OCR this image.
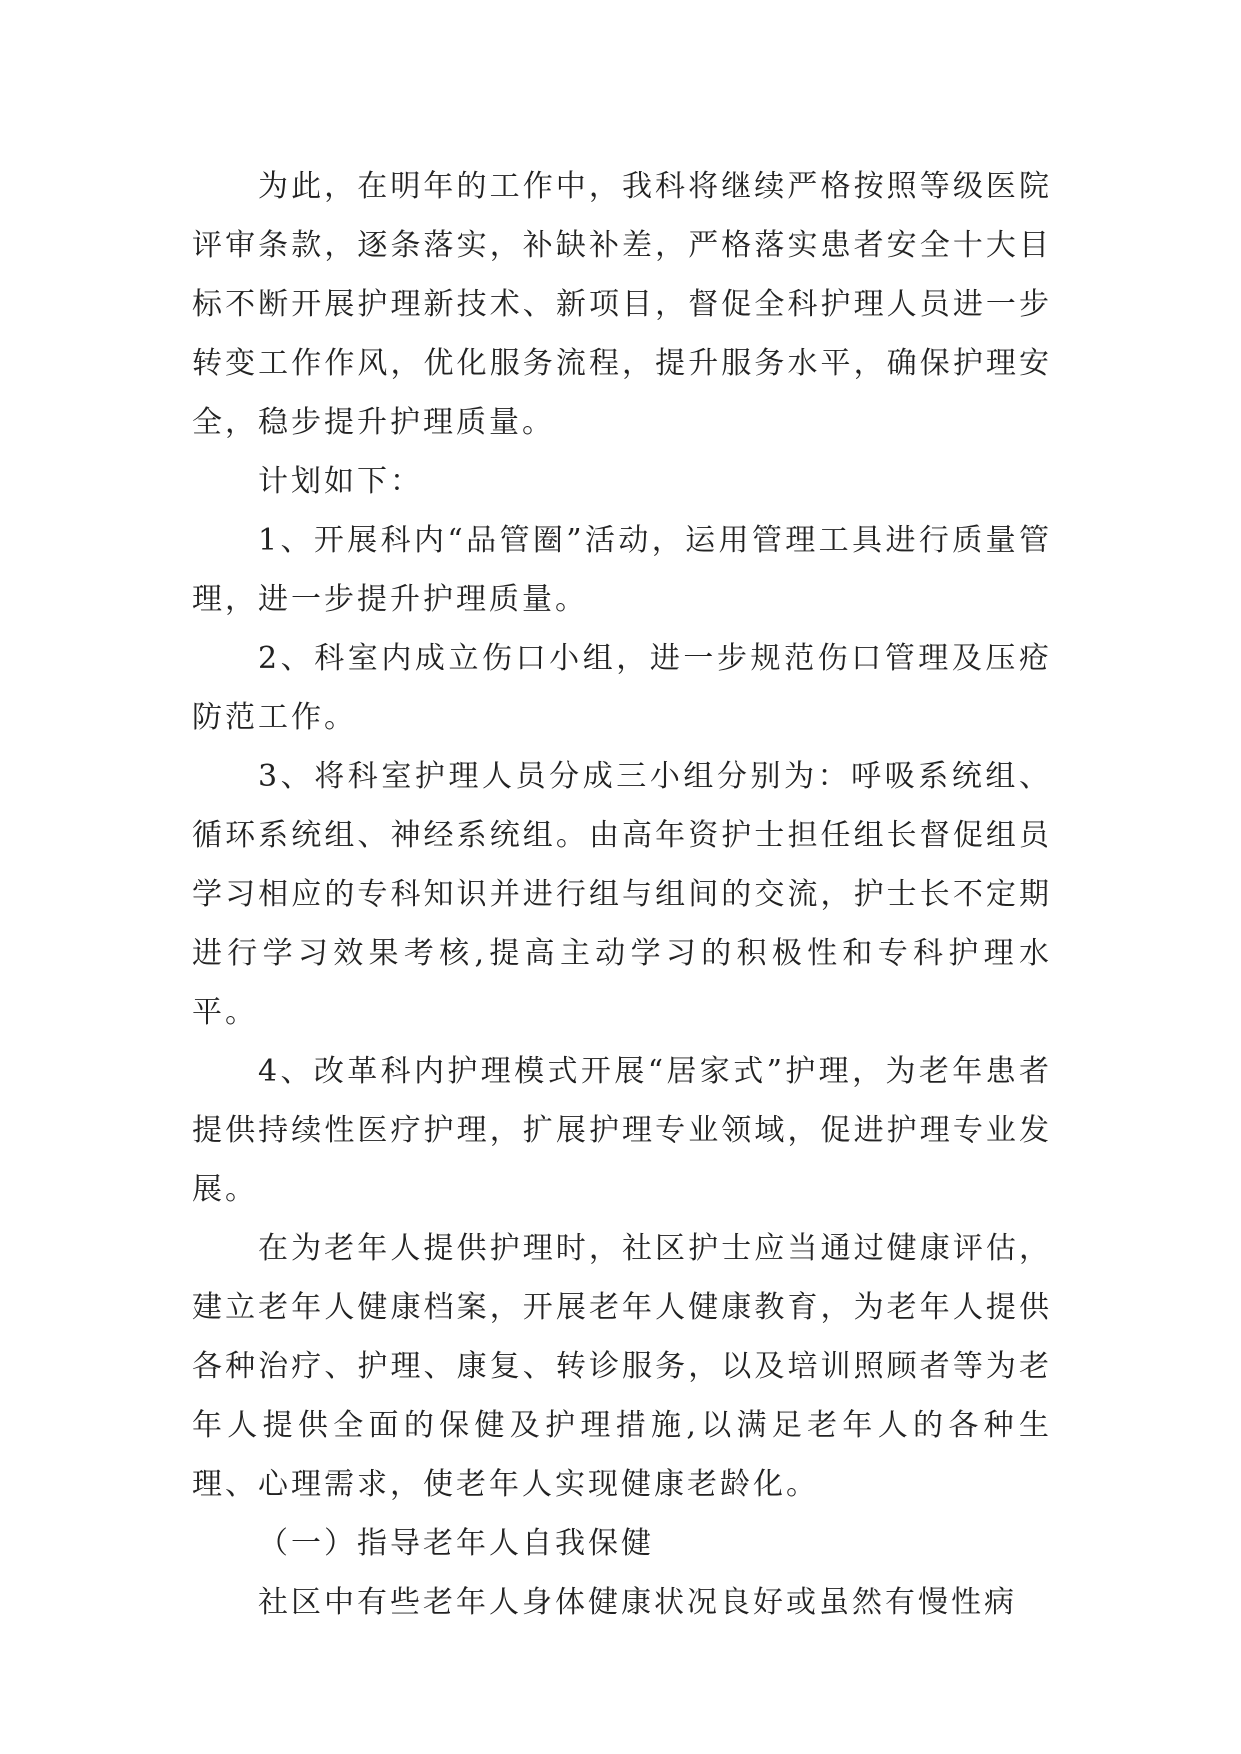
为此，在明年的工作中，我科将继续严格按照等级医院评审条款，逐条落实，补缺补差，严格落实患者安全十大目标不断开展护理新技术、新项目，督促全科护理人员进一步转变工作作风，优化服务流程，提升服务水平，确保护理安全，稳步提升护理质量。

计划如下：

1、开展科内“品管圈”活动，运用管理工具进行质量管理，进一步提升护理质量。

2、科室内成立伤口小组，进一步规范伤口管理及压疮防范工作。

3、将科室护理人员分成三小组分别为：呼吸系统组、循环系统组、神经系统组。由高年资护士担任组长督促组员学习相应的专科知识并进行组与组间的交流，护士长不定期进行学习效果考核,提高主动学习的积极性和专科护理水平。

4、改革科内护理模式开展“居家式”护理，为老年患者提供持续性医疗护理，扩展护理专业领域，促进护理专业发展。

在为老年人提供护理时，社区护士应当通过健康评估，建立老年人健康档案，开展老年人健康教育，为老年人提供各种治疗、护理、康复、转诊服务，以及培训照顾者等为老年人提供全面的保健及护理措施,以满足老年人的各种生理、心理需求，使老年人实现健康老龄化。

（一）指导老年人自我保健

社区中有些老年人身体健康状况良好或虽然有慢性病
